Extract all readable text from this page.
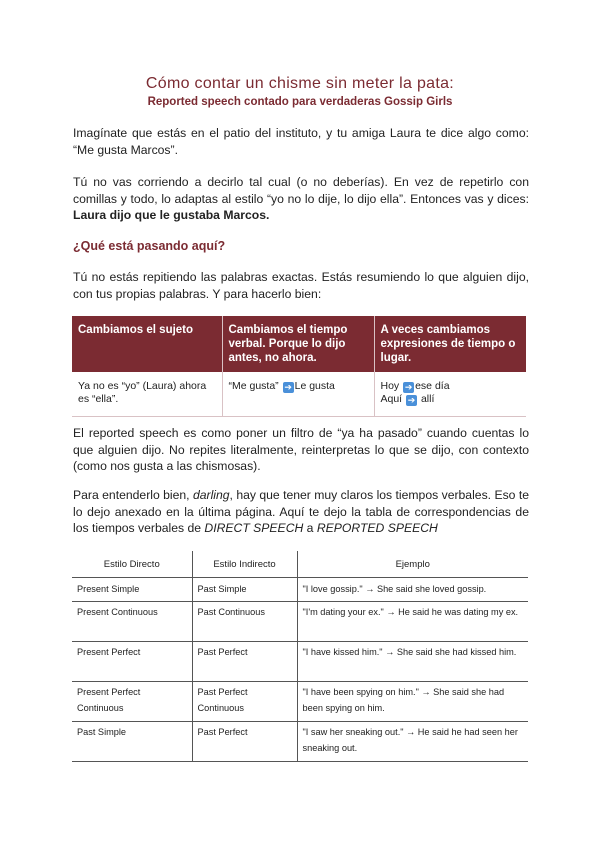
Cómo contar un chisme sin meter la pata:
Reported speech contado para verdaderas Gossip Girls
Imagínate que estás en el patio del instituto, y tu amiga Laura te dice algo como: “Me gusta Marcos”.
Tú no vas corriendo a decirlo tal cual (o no deberías). En vez de repetirlo con comillas y todo, lo adaptas al estilo “yo no lo dije, lo dijo ella”. Entonces vas y dices: Laura dijo que le gustaba Marcos.
¿Qué está pasando aquí?
Tú no estás repitiendo las palabras exactas. Estás resumiendo lo que alguien dijo, con tus propias palabras. Y para hacerlo bien:
Cambiamos el sujeto	Cambiamos el tiempo verbal. Porque lo dijo antes, no ahora.	A veces cambiamos expresiones de tiempo o lugar.
Ya no es “yo” (Laura) ahora es “ella”.	“Me gusta” ➔ Le gusta	Hoy ➔ ese día
Aquí ➔ allí
El reported speech es como poner un filtro de “ya ha pasado” cuando cuentas lo que alguien dijo. No repites literalmente, reinterpretas lo que se dijo, con contexto (como nos gusta a las chismosas).
Para entenderlo bien, darling, hay que tener muy claros los tiempos verbales. Eso te lo dejo anexado en la última página. Aquí te dejo la tabla de correspondencias de los tiempos verbales de DIRECT SPEECH a REPORTED SPEECH
Estilo Directo	Estilo Indirecto	Ejemplo
Present Simple	Past Simple	"I love gossip." → She said she loved gossip.
Present Continuous	Past Continuous	"I'm dating your ex." → He said he was dating my ex.
Present Perfect	Past Perfect	"I have kissed him." → She said she had kissed him.
Present Perfect Continuous	Past Perfect Continuous	"I have been spying on him." → She said she had been spying on him.
Past Simple	Past Perfect	"I saw her sneaking out." → He said he had seen her sneaking out.
